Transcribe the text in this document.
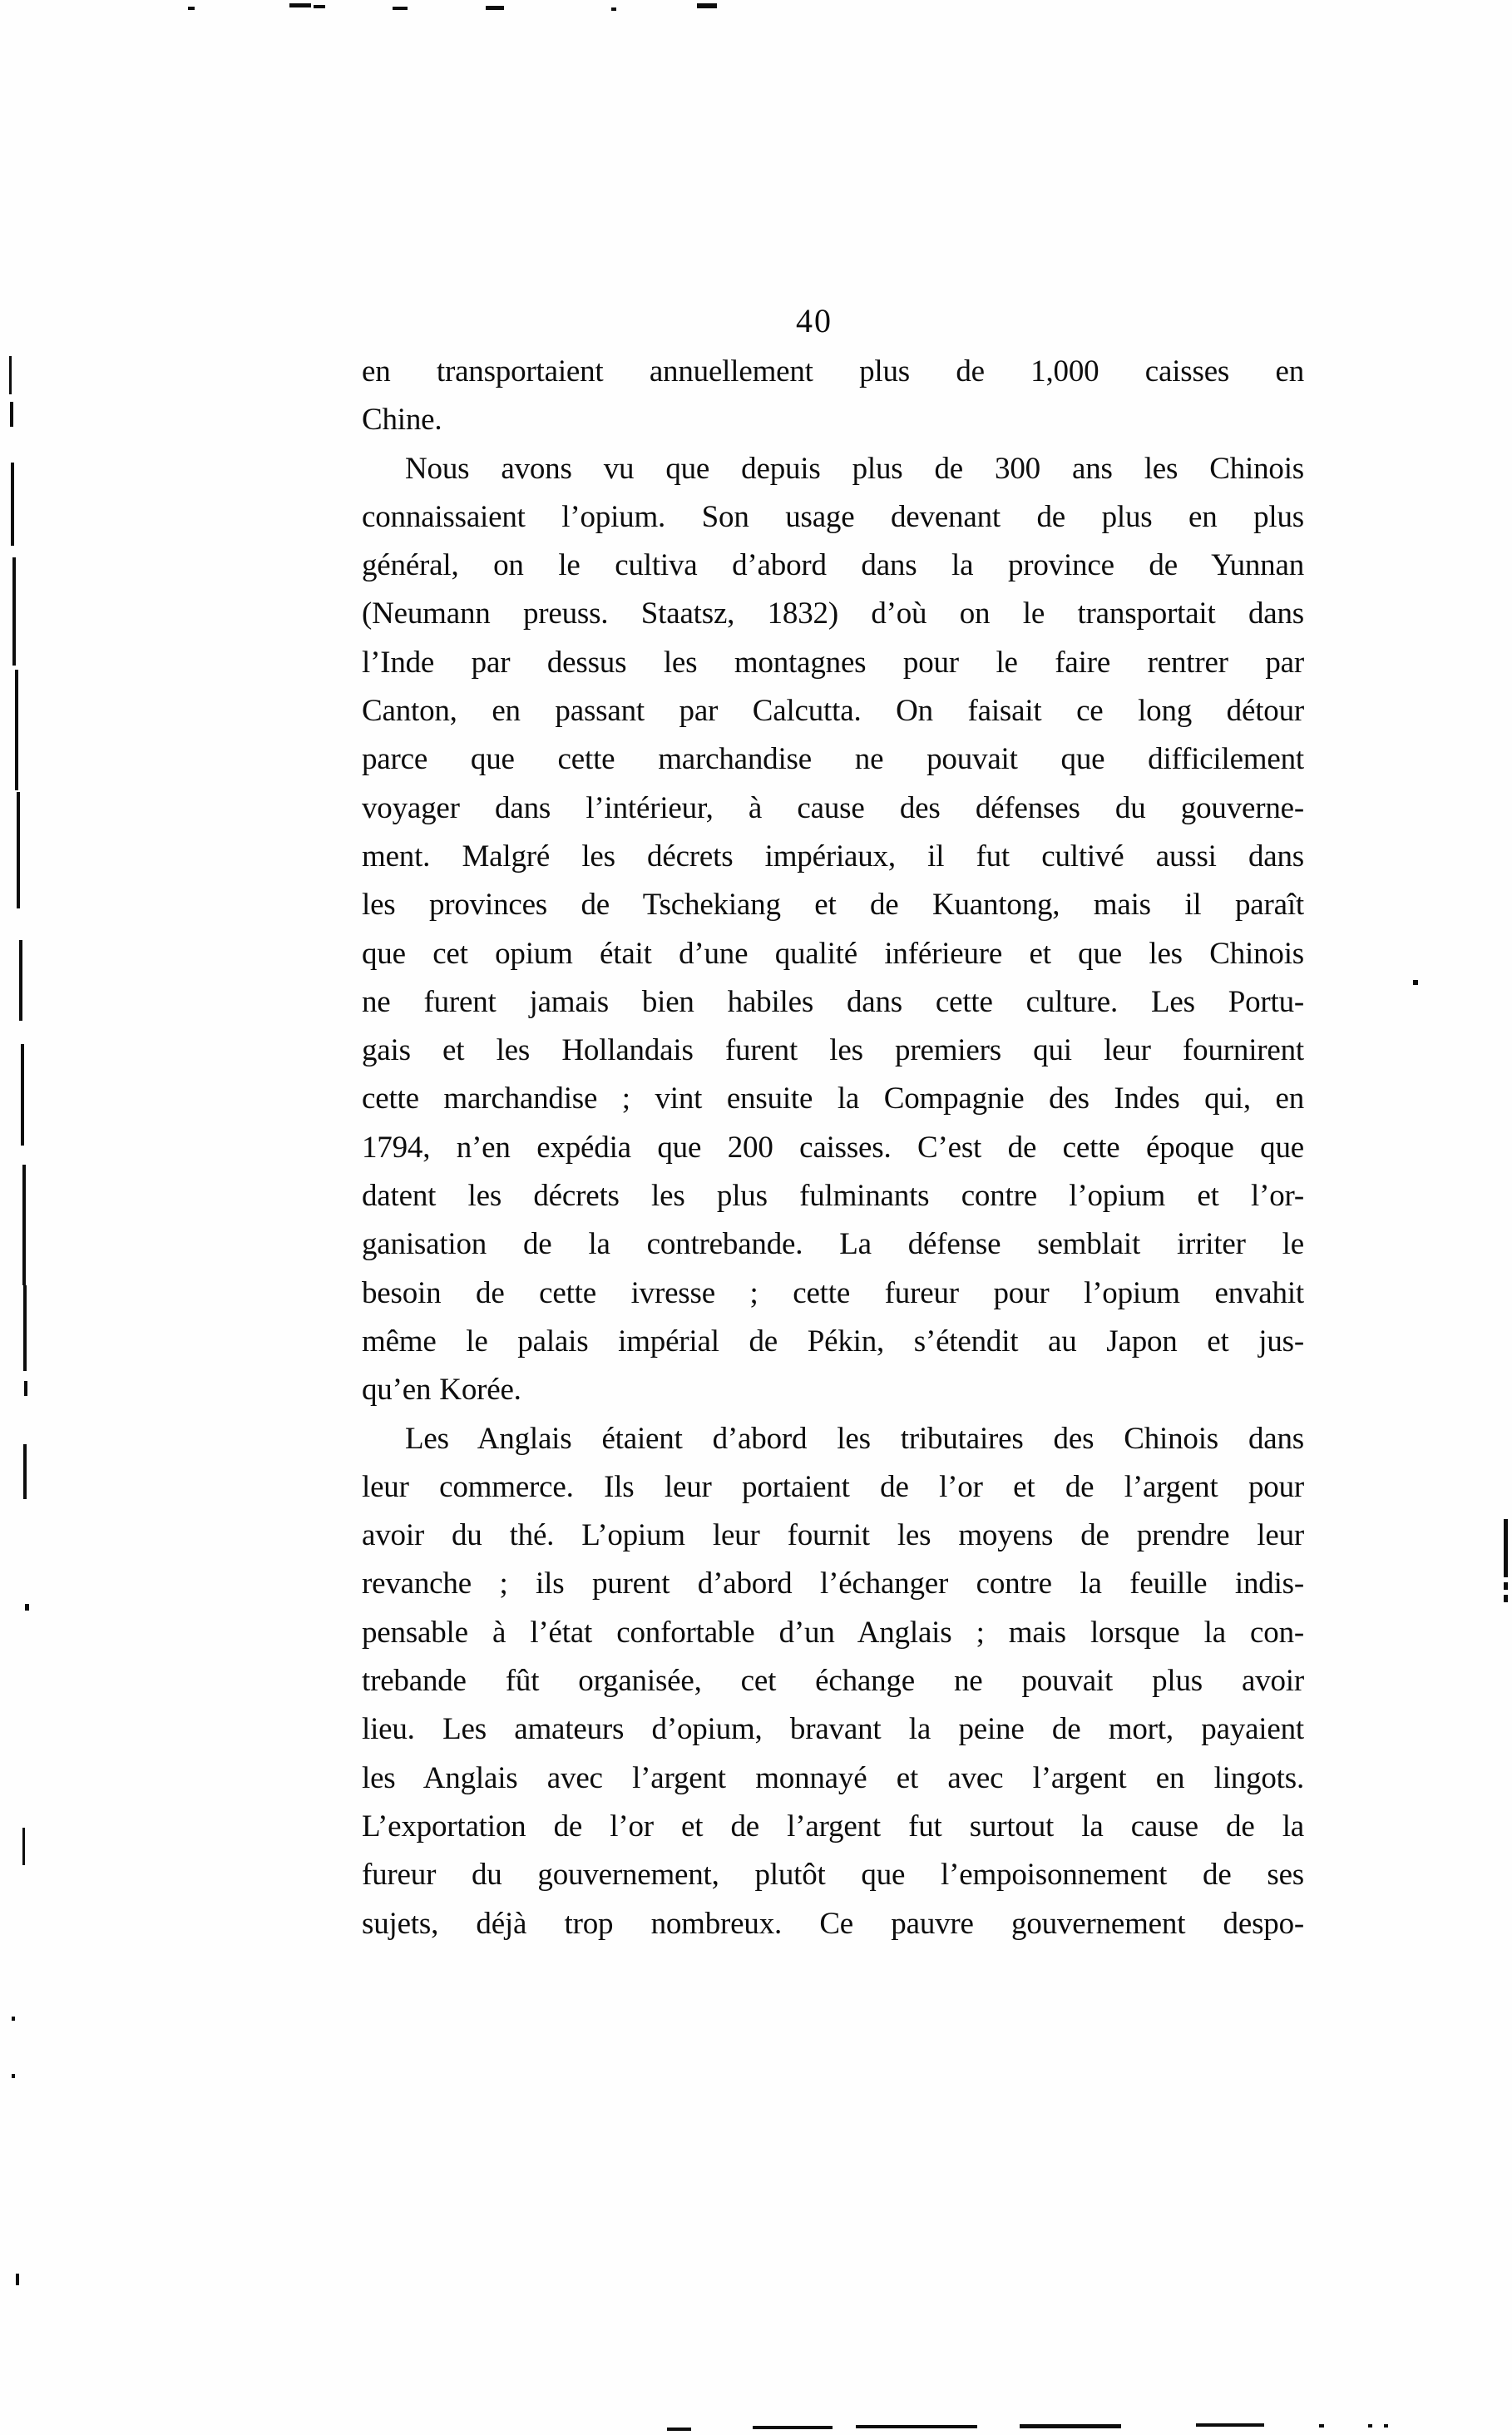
40
en transportaient annuellement plus de 1,000 caisses en
Chine.
Nous avons vu que depuis plus de 300 ans les Chinois
connaissaient l’opium. Son usage devenant de plus en plus
général, on le cultiva d’abord dans la province de Yunnan
(Neumann preuss. Staatsz, 1832) d’où on le transportait dans
l’Inde par dessus les montagnes pour le faire rentrer par
Canton, en passant par Calcutta. On faisait ce long détour
parce que cette marchandise ne pouvait que difficilement
voyager dans l’intérieur, à cause des défenses du gouverne-
ment. Malgré les décrets impériaux, il fut cultivé aussi dans
les provinces de Tschekiang et de Kuantong, mais il paraît
que cet opium était d’une qualité inférieure et que les Chinois
ne furent jamais bien habiles dans cette culture. Les Portu-
gais et les Hollandais furent les premiers qui leur fournirent
cette marchandise ; vint ensuite la Compagnie des Indes qui, en
1794, n’en expédia que 200 caisses. C’est de cette époque que
datent les décrets les plus fulminants contre l’opium et l’or-
ganisation de la contrebande. La défense semblait irriter le
besoin de cette ivresse ; cette fureur pour l’opium envahit
même le palais impérial de Pékin, s’étendit au Japon et jus-
qu’en Korée.
Les Anglais étaient d’abord les tributaires des Chinois dans
leur commerce. Ils leur portaient de l’or et de l’argent pour
avoir du thé. L’opium leur fournit les moyens de prendre leur
revanche ; ils purent d’abord l’échanger contre la feuille indis-
pensable à l’état confortable d’un Anglais ; mais lorsque la con-
trebande fût organisée, cet échange ne pouvait plus avoir
lieu. Les amateurs d’opium, bravant la peine de mort, payaient
les Anglais avec l’argent monnayé et avec l’argent en lingots.
L’exportation de l’or et de l’argent fut surtout la cause de la
fureur du gouvernement, plutôt que l’empoisonnement de ses
sujets, déjà trop nombreux. Ce pauvre gouvernement despo-
